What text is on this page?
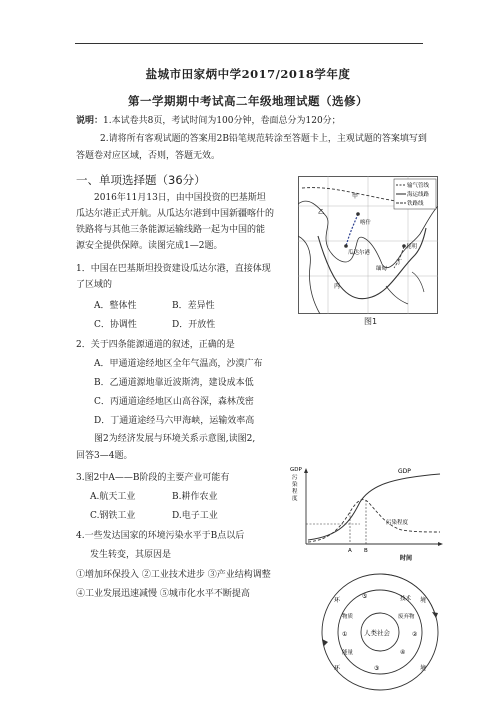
盐城市田家炳中学2017/2018学年度
第一学期期中考试高二年级地理试题（选修）
说明：1.本试卷共8页，考试时间为100分钟，卷面总分为120分；
2.请将所有客观试题的答案用2B铅笔规范转涂至答题卡上，主观试题的答案填写到
答题卷对应区域，否则，答题无效。
一、单项选择题（36分）
2016年11月13日，由中国投资的巴基斯坦
瓜达尔港正式开航。从瓜达尔港到中国新疆喀什的
铁路将与其他三条能源运输线路一起为中国的能
源安全提供保障。读图完成1—2题。
1．中国在巴基斯坦投资建设瓜达尔港，直接体现
了区域的
A．整体性	B．差异性
C．协调性	D．开放性
2．关于四条能源通道的叙述，正确的是
A．甲通道途经地区全年气温高，沙漠广布
B．乙通道源地靠近波斯湾，建设成本低
C．丙通道途经地区山高谷深，森林茂密
D．丁通道途经马六甲海峡，运输效率高
图2为经济发展与环境关系示意图,读图2,
回答3—4题。
3.图2中A——B阶段的主要产业可能有
A.航天工业	B.耕作农业
C.钢铁工业	D.电子工业
4.一些发达国家的环境污染水平于B点以后
发生转变，其原因是
①增加环保投入 ②工业技术进步 ③产业结构调整
④工业发展迅速减慢 ⑤城市化水平不断提高
输气管线
海运线路
铁路线
甲
乙
丙
丁
喀什
瓜达尔港
昆明
缅甸
图1
GDP
污
染
程
度
GDP
污染程度
A B
时间
人类社会
环	境
环	境
物质
能量
废弃物
技术
⑤
①	②
③
④
